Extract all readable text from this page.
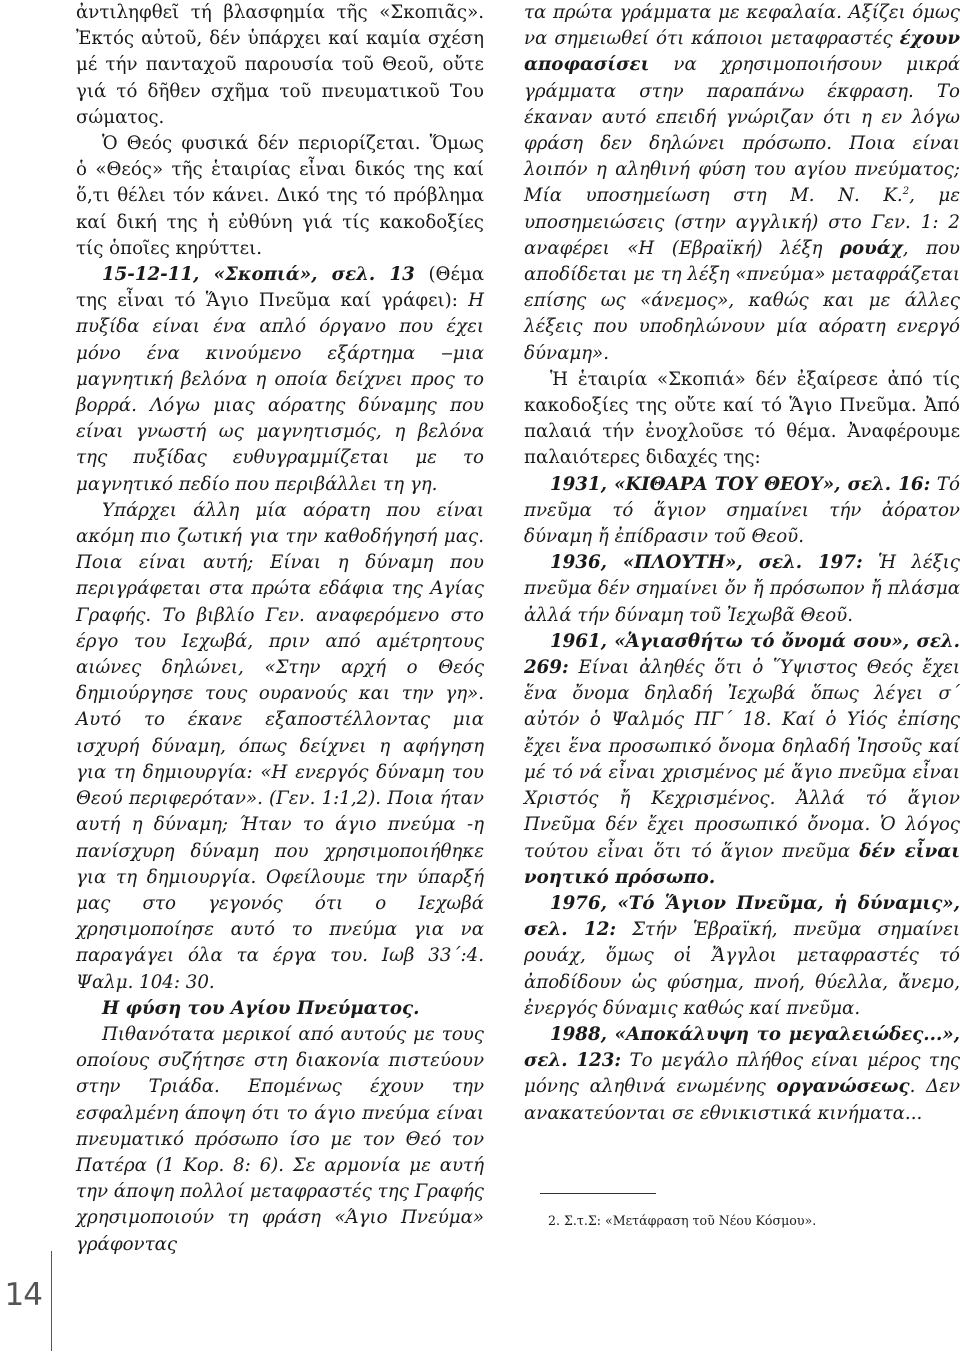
ἀντιληφθεῖ τή βλασφημία τῆς «Σκοπιᾶς». Ἐκτός αὐτοῦ, δέν ὑπάρχει καί καμία σχέση μέ τήν πανταχοῦ παρουσία τοῦ Θεοῦ, οὔτε γιά τό δῆθεν σχῆμα τοῦ πνευματικοῦ Του σώματος.

Ὁ Θεός φυσικά δέν περιορίζεται. Ὅμως ὁ «Θεός» τῆς ἑταιρίας εἶναι δικός της καί ὅ,τι θέλει τόν κάνει. Δικό της τό πρόβλημα καί δική της ἡ εὐθύνη γιά τίς κακοδοξίες τίς ὁποῖες κηρύττει.

15-12-11, «Σκοπιά», σελ. 13 (Θέμα της εἶναι τό Ἅγιο Πνεῦμα καί γράφει): Η πυξίδα είναι ένα απλό όργανο που έχει μόνο ένα κινούμενο εξάρτημα ‒μια μαγνητική βελόνα η οποία δείχνει προς το βορρά. Λόγω μιας αόρατης δύναμης που είναι γνωστή ως μαγνητισμός, η βελόνα της πυξίδας ευθυγραμμίζεται με το μαγνητικό πεδίο που περιβάλλει τη γη.

Υπάρχει άλλη μία αόρατη που είναι ακόμη πιο ζωτική για την καθοδήγησή μας. Ποια είναι αυτή; Είναι η δύναμη που περιγράφεται στα πρώτα εδάφια της Αγίας Γραφής. Το βιβλίο Γεν. αναφερόμενο στο έργο του Ιεχωβά, πριν από αμέτρητους αιώνες δηλώνει, «Στην αρχή ο Θεός δημιούργησε τους ουρανούς και την γη». Αυτό το έκανε εξαποστέλλοντας μια ισχυρή δύναμη, όπως δείχνει η αφήγηση για τη δημιουργία: «Η ενεργός δύναμη του Θεού περιφερόταν». (Γεν. 1:1,2). Ποια ήταν αυτή η δύναμη; Ήταν το άγιο πνεύμα -η πανίσχυρη δύναμη που χρησιμοποιήθηκε για τη δημιουργία. Οφείλουμε την ύπαρξή μας στο γεγονός ότι ο Ιεχωβά χρησιμοποίησε αυτό το πνεύμα για να παραγάγει όλα τα έργα του. Ιωβ 33΄:4. Ψαλμ. 104: 30.

Η φύση του Αγίου Πνεύματος.

Πιθανότατα μερικοί από αυτούς με τους οποίους συζήτησε στη διακονία πιστεύουν στην Τριάδα. Επομένως έχουν την εσφαλμένη άποψη ότι το άγιο πνεύμα είναι πνευματικό πρόσωπο ίσο με τον Θεό τον Πατέρα (1 Κορ. 8: 6). Σε αρμονία με αυτή την άποψη πολλοί μεταφραστές της Γραφής χρησιμοποιούν τη φράση «Άγιο Πνεύμα» γράφοντας

τα πρώτα γράμματα με κεφαλαία. Αξίζει όμως να σημειωθεί ότι κάποιοι μεταφραστές έχουν αποφασίσει να χρησιμοποιήσουν μικρά γράμματα στην παραπάνω έκφραση. Το έκαναν αυτό επειδή γνώριζαν ότι η εν λόγω φράση δεν δηλώνει πρόσωπο. Ποια είναι λοιπόν η αληθινή φύση του αγίου πνεύματος; Μία υποσημείωση στη Μ. Ν. Κ.$^2$, με υποσημειώσεις (στην αγγλική) στο Γεν. 1: 2 αναφέρει «Η (Εβραϊκή) λέξη ρουάχ, που αποδίδεται με τη λέξη «πνεύμα» μεταφράζεται επίσης ως «άνεμος», καθώς και με άλλες λέξεις που υποδηλώνουν μία αόρατη ενεργό δύναμη».

Ἡ ἑταιρία «Σκοπιά» δέν ἐξαίρεσε ἀπό τίς κακοδοξίες της οὔτε καί τό Ἅγιο Πνεῦμα. Ἀπό παλαιά τήν ἐνοχλοῦσε τό θέμα. Ἀναφέρουμε παλαιότερες διδαχές της:

1931, «ΚΙΘΑΡΑ ΤΟΥ ΘΕΟΥ», σελ. 16: Τό πνεῦμα τό ἅγιον σημαίνει τήν ἀόρατον δύναμη ἤ ἐπίδρασιν τοῦ Θεοῦ.

1936, «ΠΛΟΥΤΗ», σελ. 197: Ἡ λέξις πνεῦμα δέν σημαίνει ὄν ἤ πρόσωπον ἤ πλάσμα ἀλλά τήν δύναμη τοῦ Ἰεχωβᾶ Θεοῦ.

1961, «Ἁγιασθήτω τό ὄνομά σου», σελ. 269: Είναι ἀληθές ὅτι ὁ Ὕψιστος Θεός ἔχει ἕνα ὄνομα δηλαδή Ἰεχωβά ὅπως λέγει σ΄ αὐτόν ὁ Ψαλμός ΠΓ΄ 18. Καί ὁ Υἱός ἐπίσης ἔχει ἕνα προσωπικό ὄνομα δηλαδή Ἰησοῦς καί μέ τό νά εἶναι χρισμένος μέ ἅγιο πνεῦμα εἶναι Χριστός ἤ Κεχρισμένος. Ἀλλά τό ἅγιον Πνεῦμα δέν ἔχει προσωπικό ὄνομα. Ὁ λόγος τούτου εἶναι ὅτι τό ἅγιον πνεῦμα δέν εἶναι νοητικό πρόσωπο.

1976, «Τό Ἅγιον Πνεῦμα, ἡ δύναμις», σελ. 12: Στήν Ἑβραϊκή, πνεῦμα σημαίνει ρουάχ, ὅμως οἱ Ἄγγλοι μεταφραστές τό ἀποδίδουν ὡς φύσημα, πνοή, θύελλα, ἄνεμο, ἐνεργός δύναμις καθώς καί πνεῦμα.

1988, «Αποκάλυψη το μεγαλειώδες...», σελ. 123: Το μεγάλο πλήθος είναι μέρος της μόνης αληθινά ενωμένης οργανώσεως. Δεν ανακατεύονται σε εθνικιστικά κινήματα...

2. Σ.τ.Σ: «Μετάφραση τοῦ Νέου Κόσμου».
14
